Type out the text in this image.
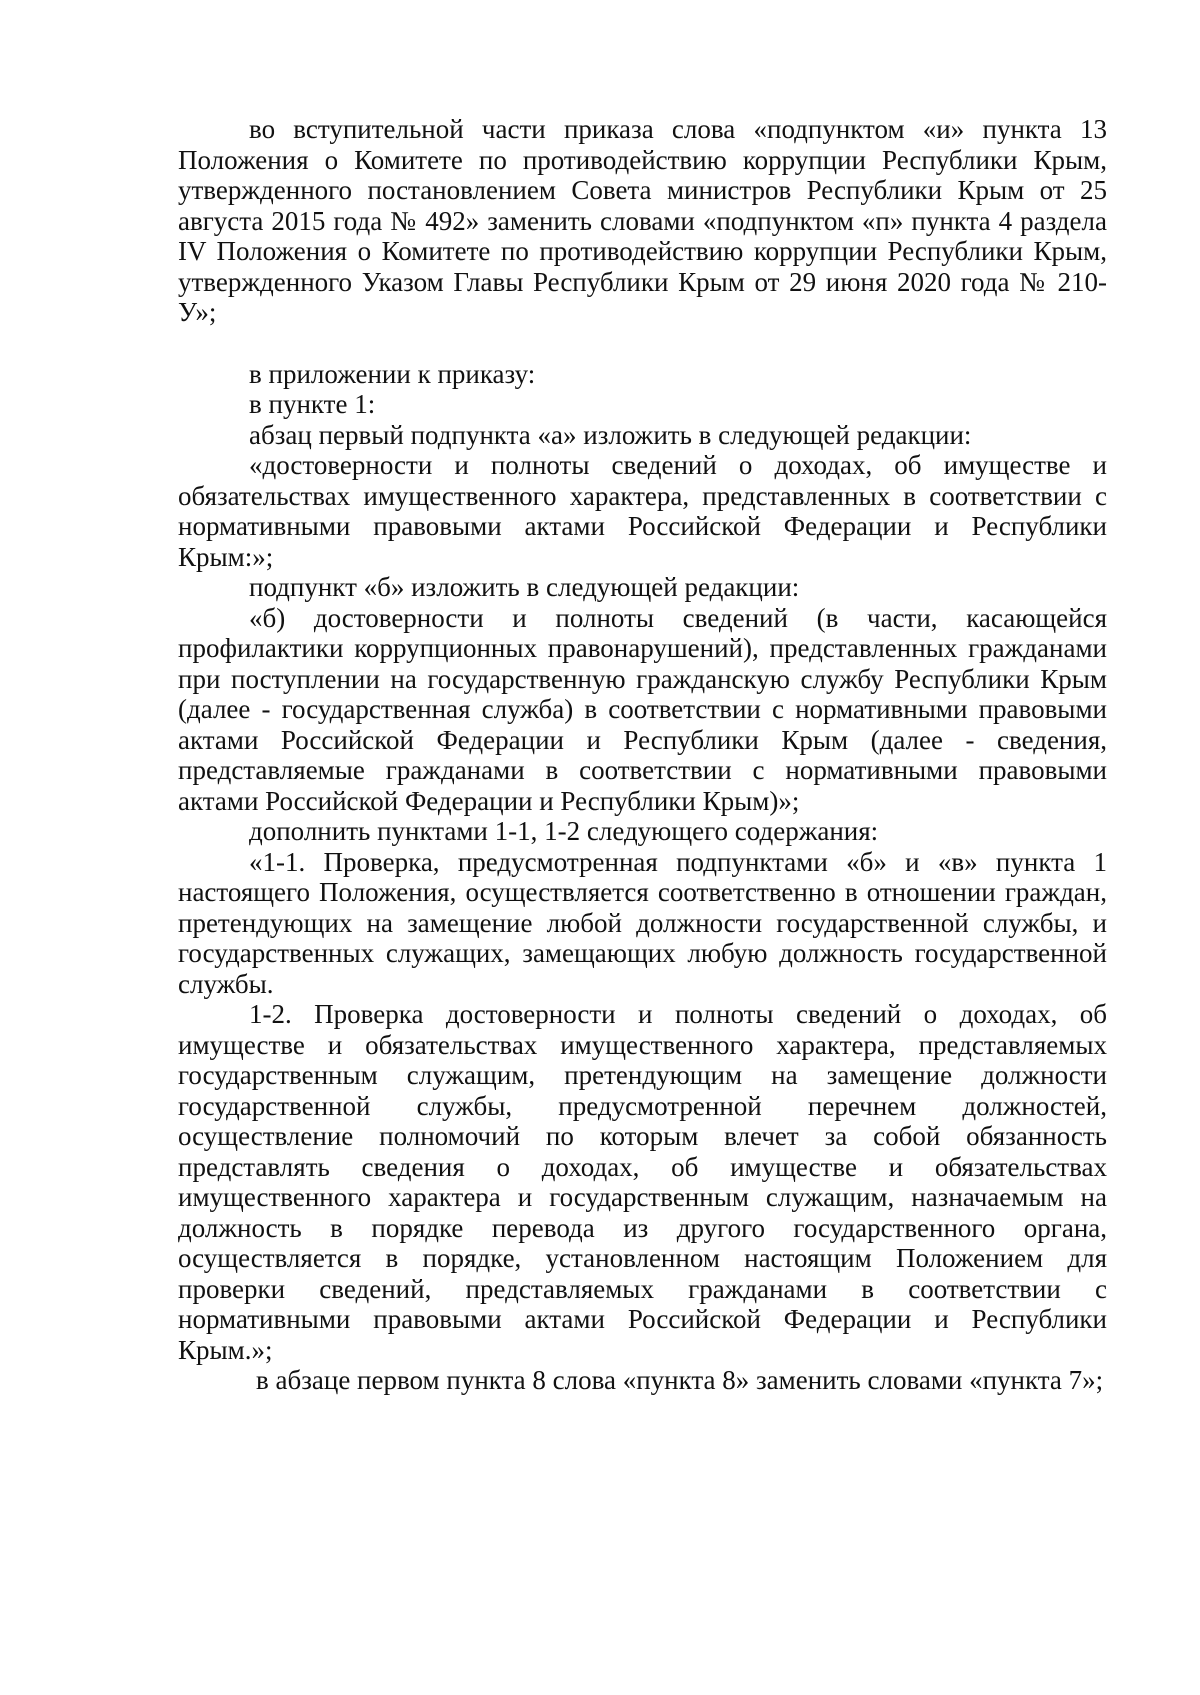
во вступительной части приказа слова «подпунктом «и» пункта 13 Положения о Комитете по противодействию коррупции Республики Крым, утвержденного постановлением Совета министров Республики Крым от 25 августа 2015 года № 492» заменить словами «подпунктом «п» пункта 4 раздела IV Положения о Комитете по противодействию коррупции Республики Крым, утвержденного Указом Главы Республики Крым от 29 июня 2020 года № 210-У»;

в приложении к приказу:

в пункте 1:

абзац первый подпункта «а» изложить в следующей редакции:

«достоверности и полноты сведений о доходах, об имуществе и обязательствах имущественного характера, представленных в соответствии с нормативными правовыми актами Российской Федерации и Республики Крым:»;

подпункт «б» изложить в следующей редакции:

«б) достоверности и полноты сведений (в части, касающейся профилактики коррупционных правонарушений), представленных гражданами при поступлении на государственную гражданскую службу Республики Крым (далее - государственная служба) в соответствии с нормативными правовыми актами Российской Федерации и Республики Крым (далее - сведения, представляемые гражданами в соответствии с нормативными правовыми актами Российской Федерации и Республики Крым)»;

дополнить пунктами 1-1, 1-2 следующего содержания:

«1-1. Проверка, предусмотренная подпунктами «б» и «в» пункта 1 настоящего Положения, осуществляется соответственно в отношении граждан, претендующих на замещение любой должности государственной службы, и государственных служащих, замещающих любую должность государственной службы.

1-2. Проверка достоверности и полноты сведений о доходах, об имуществе и обязательствах имущественного характера, представляемых государственным служащим, претендующим на замещение должности государственной службы, предусмотренной перечнем должностей, осуществление полномочий по которым влечет за собой обязанность представлять сведения о доходах, об имуществе и обязательствах имущественного характера и государственным служащим, назначаемым на должность в порядке перевода из другого государственного органа, осуществляется в порядке, установленном настоящим Положением для проверки сведений, представляемых гражданами в соответствии с нормативными правовыми актами Российской Федерации и Республики Крым.»;

в абзаце первом пункта 8 слова «пункта 8» заменить словами «пункта 7»;
